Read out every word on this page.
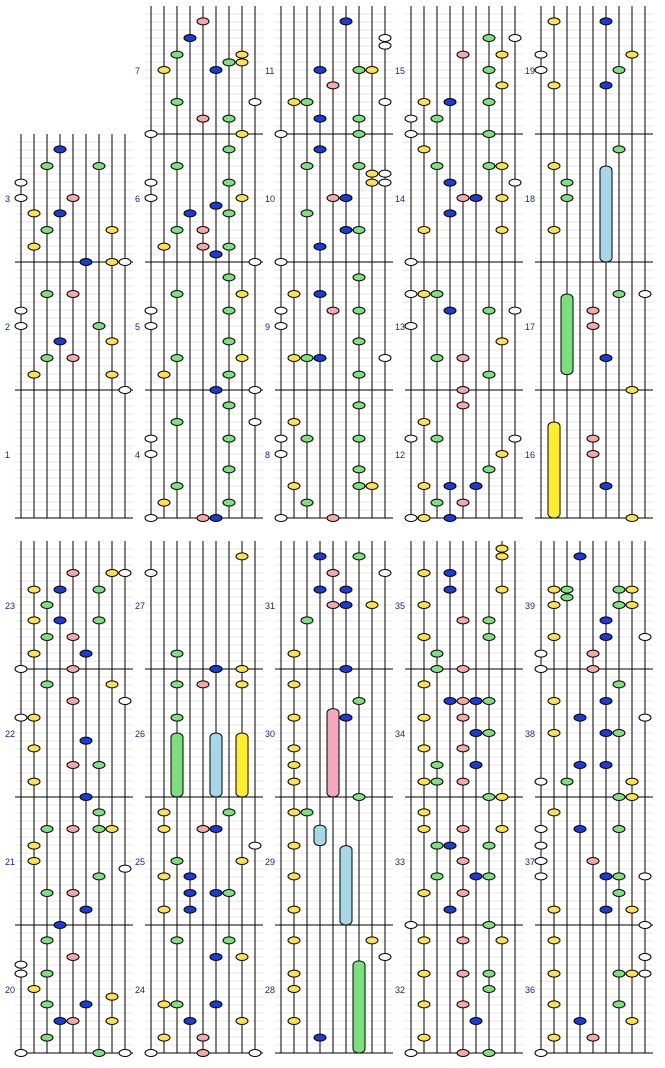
1
2
3
4
5
6
7
8
9
10
11
12
13
14
15
16
17
18
19
20
21
22
23
24
25
26
27
28
29
30
31
32
33
34
35
36
37
38
39
